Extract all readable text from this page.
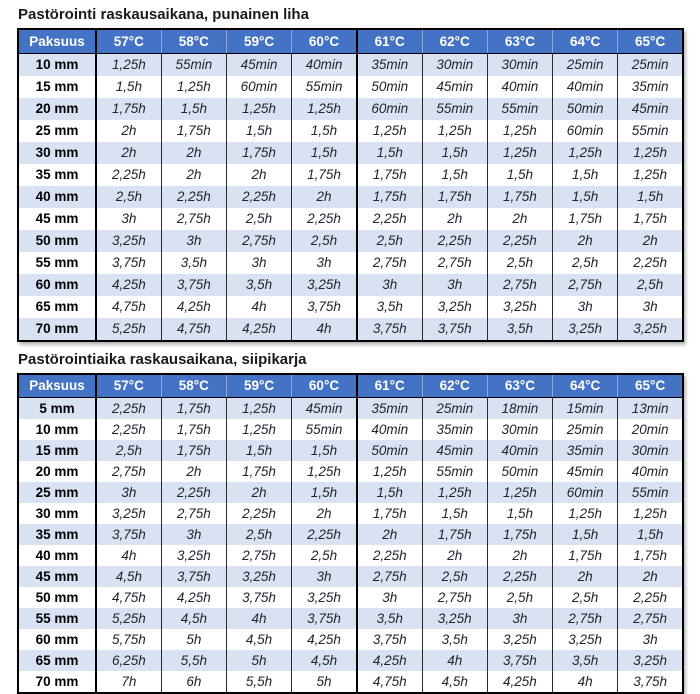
Pastörointi raskausaikana, punainen liha
Paksuus	57°C	58°C	59°C	60°C	61°C	62°C	63°C	64°C	65°C
10 mm	1,25h	55min	45min	40min	35min	30min	30min	25min	25min
15 mm	1,5h	1,25h	60min	55min	50min	45min	40min	40min	35min
20 mm	1,75h	1,5h	1,25h	1,25h	60min	55min	55min	50min	45min
25 mm	2h	1,75h	1,5h	1,5h	1,25h	1,25h	1,25h	60min	55min
30 mm	2h	2h	1,75h	1,5h	1,5h	1,5h	1,25h	1,25h	1,25h
35 mm	2,25h	2h	2h	1,75h	1,75h	1,5h	1,5h	1,5h	1,25h
40 mm	2,5h	2,25h	2,25h	2h	1,75h	1,75h	1,75h	1,5h	1,5h
45 mm	3h	2,75h	2,5h	2,25h	2,25h	2h	2h	1,75h	1,75h
50 mm	3,25h	3h	2,75h	2,5h	2,5h	2,25h	2,25h	2h	2h
55 mm	3,75h	3,5h	3h	3h	2,75h	2,75h	2,5h	2,5h	2,25h
60 mm	4,25h	3,75h	3,5h	3,25h	3h	3h	2,75h	2,75h	2,5h
65 mm	4,75h	4,25h	4h	3,75h	3,5h	3,25h	3,25h	3h	3h
70 mm	5,25h	4,75h	4,25h	4h	3,75h	3,75h	3,5h	3,25h	3,25h
Pastörointiaika raskausaikana, siipikarja
Paksuus	57°C	58°C	59°C	60°C	61°C	62°C	63°C	64°C	65°C
5 mm	2,25h	1,75h	1,25h	45min	35min	25min	18min	15min	13min
10 mm	2,25h	1,75h	1,25h	55min	40min	35min	30min	25min	20min
15 mm	2,5h	1,75h	1,5h	1,5h	50min	45min	40min	35min	30min
20 mm	2,75h	2h	1,75h	1,25h	1,25h	55min	50min	45min	40min
25 mm	3h	2,25h	2h	1,5h	1,5h	1,25h	1,25h	60min	55min
30 mm	3,25h	2,75h	2,25h	2h	1,75h	1,5h	1,5h	1,25h	1,25h
35 mm	3,75h	3h	2,5h	2,25h	2h	1,75h	1,75h	1,5h	1,5h
40 mm	4h	3,25h	2,75h	2,5h	2,25h	2h	2h	1,75h	1,75h
45 mm	4,5h	3,75h	3,25h	3h	2,75h	2,5h	2,25h	2h	2h
50 mm	4,75h	4,25h	3,75h	3,25h	3h	2,75h	2,5h	2,5h	2,25h
55 mm	5,25h	4,5h	4h	3,75h	3,5h	3,25h	3h	2,75h	2,75h
60 mm	5,75h	5h	4,5h	4,25h	3,75h	3,5h	3,25h	3,25h	3h
65 mm	6,25h	5,5h	5h	4,5h	4,25h	4h	3,75h	3,5h	3,25h
70 mm	7h	6h	5,5h	5h	4,75h	4,5h	4,25h	4h	3,75h
